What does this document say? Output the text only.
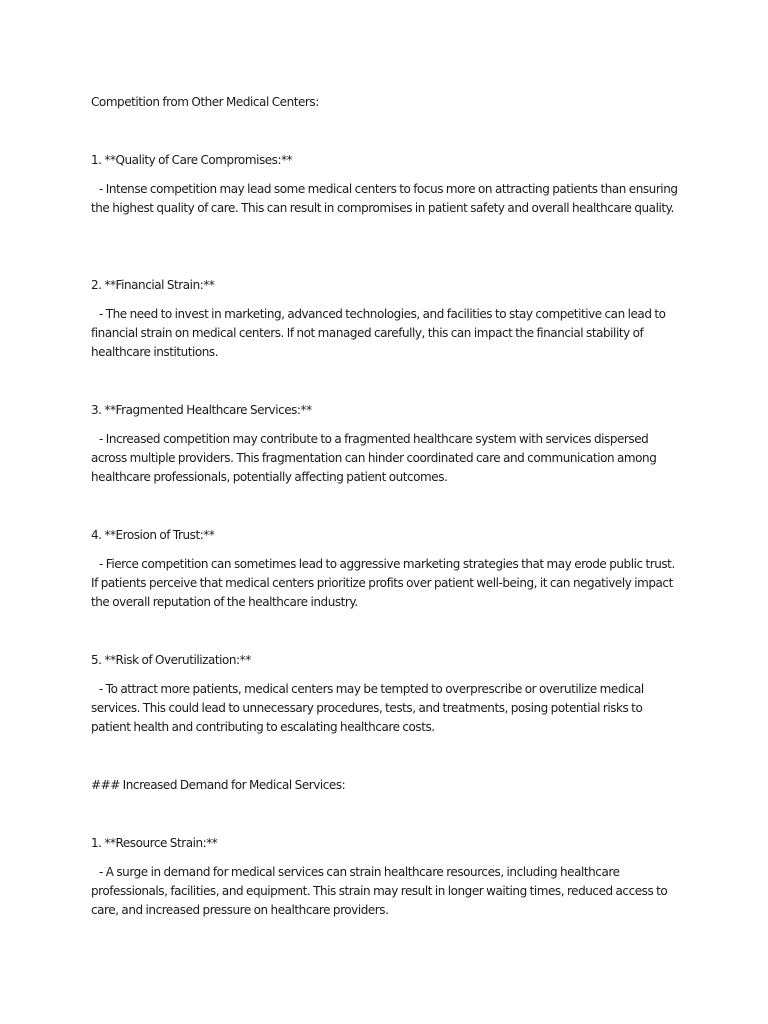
Competition from Other Medical Centers:

1. **Quality of Care Compromises:**

- Intense competition may lead some medical centers to focus more on attracting patients than ensuring the highest quality of care. This can result in compromises in patient safety and overall healthcare quality.

2. **Financial Strain:**

- The need to invest in marketing, advanced technologies, and facilities to stay competitive can lead to financial strain on medical centers. If not managed carefully, this can impact the financial stability of healthcare institutions.

3. **Fragmented Healthcare Services:**

- Increased competition may contribute to a fragmented healthcare system with services dispersed across multiple providers. This fragmentation can hinder coordinated care and communication among healthcare professionals, potentially affecting patient outcomes.

4. **Erosion of Trust:**

- Fierce competition can sometimes lead to aggressive marketing strategies that may erode public trust. If patients perceive that medical centers prioritize profits over patient well-being, it can negatively impact the overall reputation of the healthcare industry.

5. **Risk of Overutilization:**

- To attract more patients, medical centers may be tempted to overprescribe or overutilize medical services. This could lead to unnecessary procedures, tests, and treatments, posing potential risks to patient health and contributing to escalating healthcare costs.

### Increased Demand for Medical Services:

1. **Resource Strain:**

- A surge in demand for medical services can strain healthcare resources, including healthcare professionals, facilities, and equipment. This strain may result in longer waiting times, reduced access to care, and increased pressure on healthcare providers.
